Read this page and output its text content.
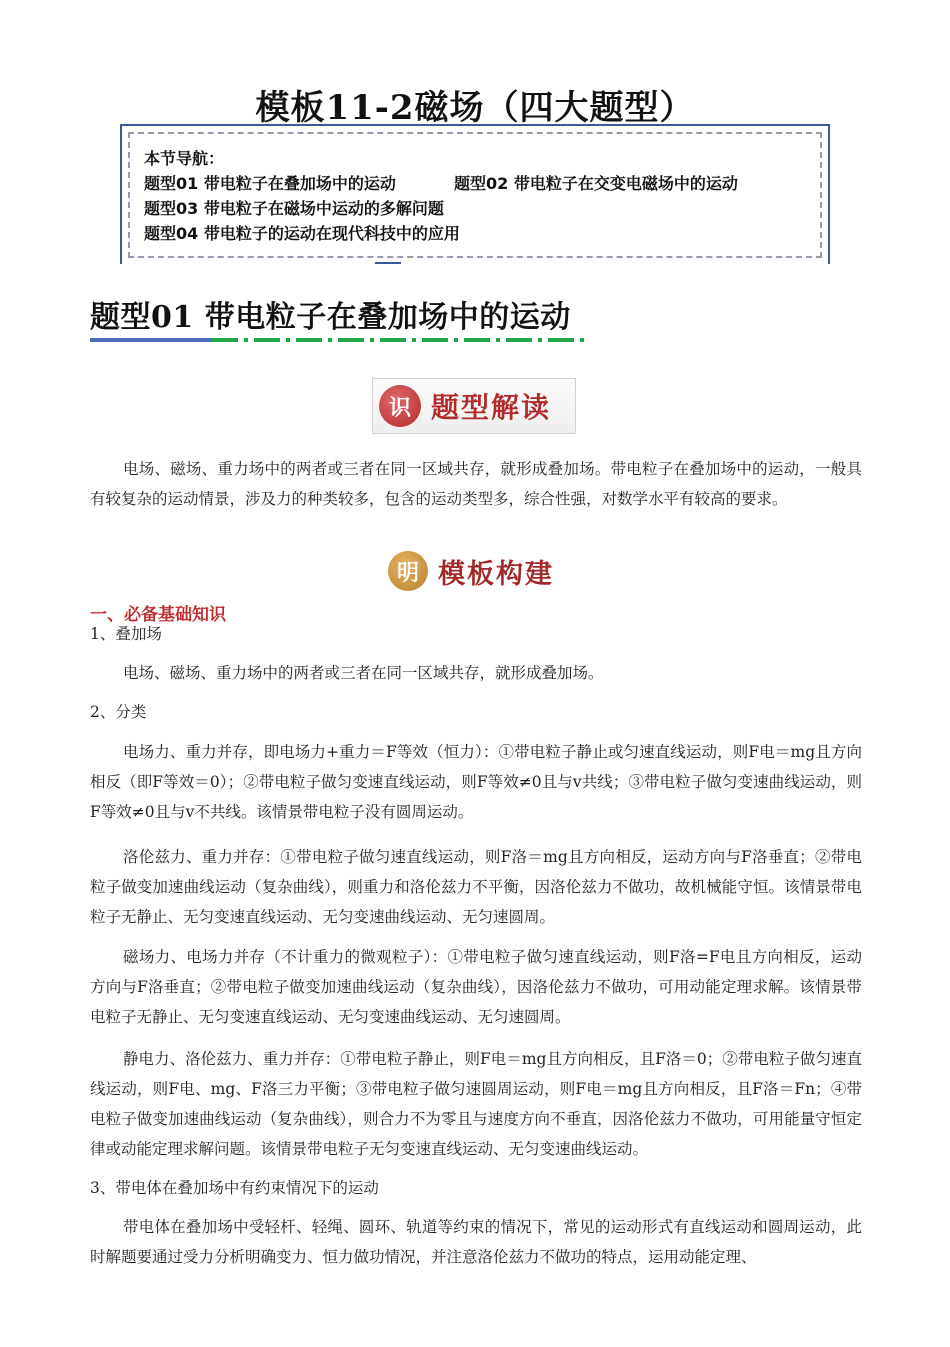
模板11-2磁场（四大题型）
本节导航：
题型01 带电粒子在叠加场中的运动	题型02 带电粒子在交变电磁场中的运动
题型03 带电粒子在磁场中运动的多解问题
题型04 带电粒子的运动在现代科技中的应用
题型01 带电粒子在叠加场中的运动
识 题型解读
电场、磁场、重力场中的两者或三者在同一区域共存，就形成叠加场。带电粒子在叠加场中的运动，一般具有较复杂的运动情景，涉及力的种类较多，包含的运动类型多，综合性强，对数学水平有较高的要求。
明 模板构建
一、必备基础知识
1、叠加场
电场、磁场、重力场中的两者或三者在同一区域共存，就形成叠加场。
2、分类
电场力、重力并存，即电场力+重力＝F等效（恒力）：①带电粒子静止或匀速直线运动，则F电＝mg且方向相反（即F等效＝0）；②带电粒子做匀变速直线运动，则F等效≠0且与v共线；③带电粒子做匀变速曲线运动，则F等效≠0且与v不共线。该情景带电粒子没有圆周运动。
洛伦兹力、重力并存：①带电粒子做匀速直线运动，则F洛＝mg且方向相反，运动方向与F洛垂直；②带电粒子做变加速曲线运动（复杂曲线），则重力和洛伦兹力不平衡，因洛伦兹力不做功，故机械能守恒。该情景带电粒子无静止、无匀变速直线运动、无匀变速曲线运动、无匀速圆周。
磁场力、电场力并存（不计重力的微观粒子）：①带电粒子做匀速直线运动，则F洛=F电且方向相反，运动方向与F洛垂直；②带电粒子做变加速曲线运动（复杂曲线），因洛伦兹力不做功，可用动能定理求解。该情景带电粒子无静止、无匀变速直线运动、无匀变速曲线运动、无匀速圆周。
静电力、洛伦兹力、重力并存：①带电粒子静止，则F电＝mg且方向相反，且F洛＝0；②带电粒子做匀速直线运动，则F电、mg、F洛三力平衡；③带电粒子做匀速圆周运动，则F电＝mg且方向相反，且F洛＝Fn；④带电粒子做变加速曲线运动（复杂曲线），则合力不为零且与速度方向不垂直，因洛伦兹力不做功，可用能量守恒定律或动能定理求解问题。该情景带电粒子无匀变速直线运动、无匀变速曲线运动。
3、带电体在叠加场中有约束情况下的运动
带电体在叠加场中受轻杆、轻绳、圆环、轨道等约束的情况下，常见的运动形式有直线运动和圆周运动，此时解题要通过受力分析明确变力、恒力做功情况，并注意洛伦兹力不做功的特点，运用动能定理、
